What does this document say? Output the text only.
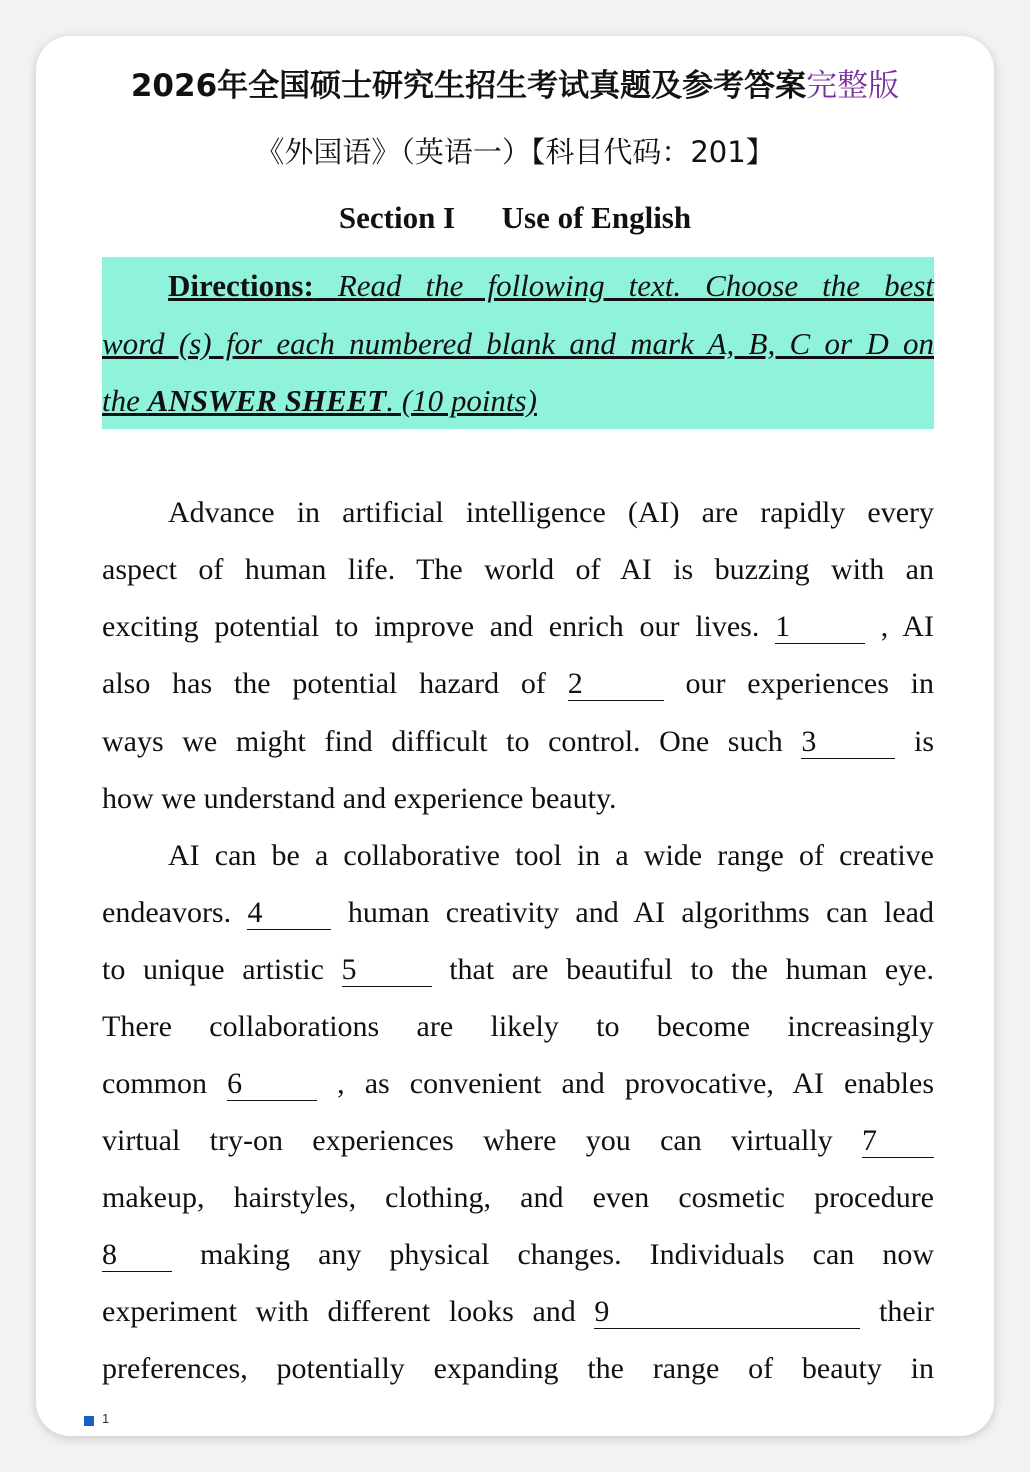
2026年全国硕士研究生招生考试真题及参考答案完整版
《外国语》（英语一）【科目代码：201】
Section I      Use of English
Directions: Read the following text. Choose the best
word (s) for each numbered blank and mark A, B, C or D on
the ANSWER SHEET. (10 points)
Advance in artificial intelligence (AI) are rapidly every
aspect of human life. The world of AI is buzzing with an
exciting potential to improve and enrich our lives. 1	, AI
also has the potential hazard of 2	our experiences in
ways we might find difficult to control. One such 3	is
how we understand and experience beauty.
AI can be a collaborative tool in a wide range of creative
endeavors. 4	human creativity and AI algorithms can lead
to unique artistic 5	that are beautiful to the human eye.
There collaborations are likely to become increasingly
common 6	, as convenient and provocative, AI enables
virtual try-on experiences where you can virtually 7
makeup, hairstyles, clothing, and even cosmetic procedure
8	making any physical changes. Individuals can now
experiment with different looks and 9	their
preferences, potentially expanding the range of beauty in
1
